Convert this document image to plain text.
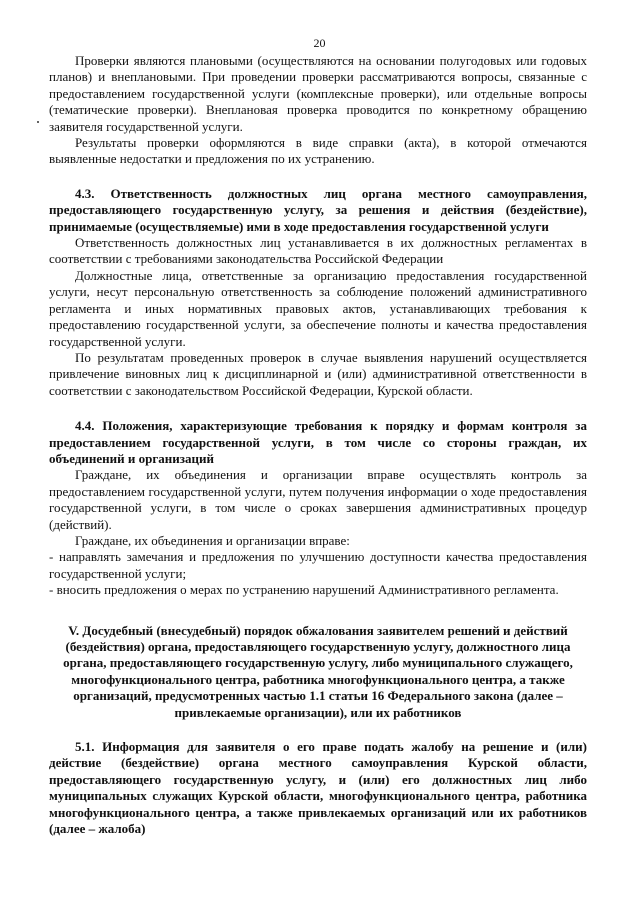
20

Проверки являются плановыми (осуществляются на основании полугодовых или годовых планов) и внеплановыми. При проведении проверки рассматриваются вопросы, связанные с предоставлением государственной услуги (комплексные проверки), или отдельные вопросы (тематические проверки). Внеплановая проверка проводится по конкретному обращению заявителя государственной услуги.

Результаты проверки оформляются в виде справки (акта), в которой отмечаются выявленные недостатки и предложения по их устранению.

4.3. Ответственность должностных лиц органа местного самоуправления, предоставляющего государственную услугу, за решения и действия (бездействие), принимаемые (осуществляемые) ими в ходе предоставления государственной услуги

Ответственность должностных лиц устанавливается в их должностных регламентах в соответствии с требованиями законодательства Российской Федерации

Должностные лица, ответственные за организацию предоставления государственной услуги, несут персональную ответственность за соблюдение положений административного регламента и иных нормативных правовых актов, устанавливающих требования к предоставлению государственной услуги, за обеспечение полноты и качества предоставления государственной услуги.

По результатам проведенных проверок в случае выявления нарушений осуществляется привлечение виновных лиц к дисциплинарной и (или) административной ответственности в соответствии с законодательством Российской Федерации, Курской области.

4.4. Положения, характеризующие требования к порядку и формам контроля за предоставлением государственной услуги, в том числе со стороны граждан, их объединений и организаций

Граждане, их объединения и организации вправе осуществлять контроль за предоставлением государственной услуги, путем получения информации о ходе предоставления государственной услуги, в том числе о сроках завершения административных процедур (действий).

Граждане, их объединения и организации вправе:

- направлять замечания и предложения по улучшению доступности качества предоставления государственной услуги;

- вносить предложения о мерах по устранению нарушений Административного регламента.

V. Досудебный (внесудебный) порядок обжалования заявителем решений и действий (бездействия) органа, предоставляющего государственную услугу, должностного лица органа, предоставляющего государственную услугу, либо муниципального служащего, многофункционального центра, работника многофункционального центра, а также организаций, предусмотренных частью 1.1 статьи 16 Федерального закона (далее – привлекаемые организации), или их работников

5.1. Информация для заявителя о его праве подать жалобу на решение и (или) действие (бездействие) органа местного самоуправления Курской области, предоставляющего государственную услугу, и (или) его должностных лиц либо муниципальных служащих Курской области, многофункционального центра, работника многофункционального центра, а также привлекаемых организаций или их работников (далее – жалоба)
